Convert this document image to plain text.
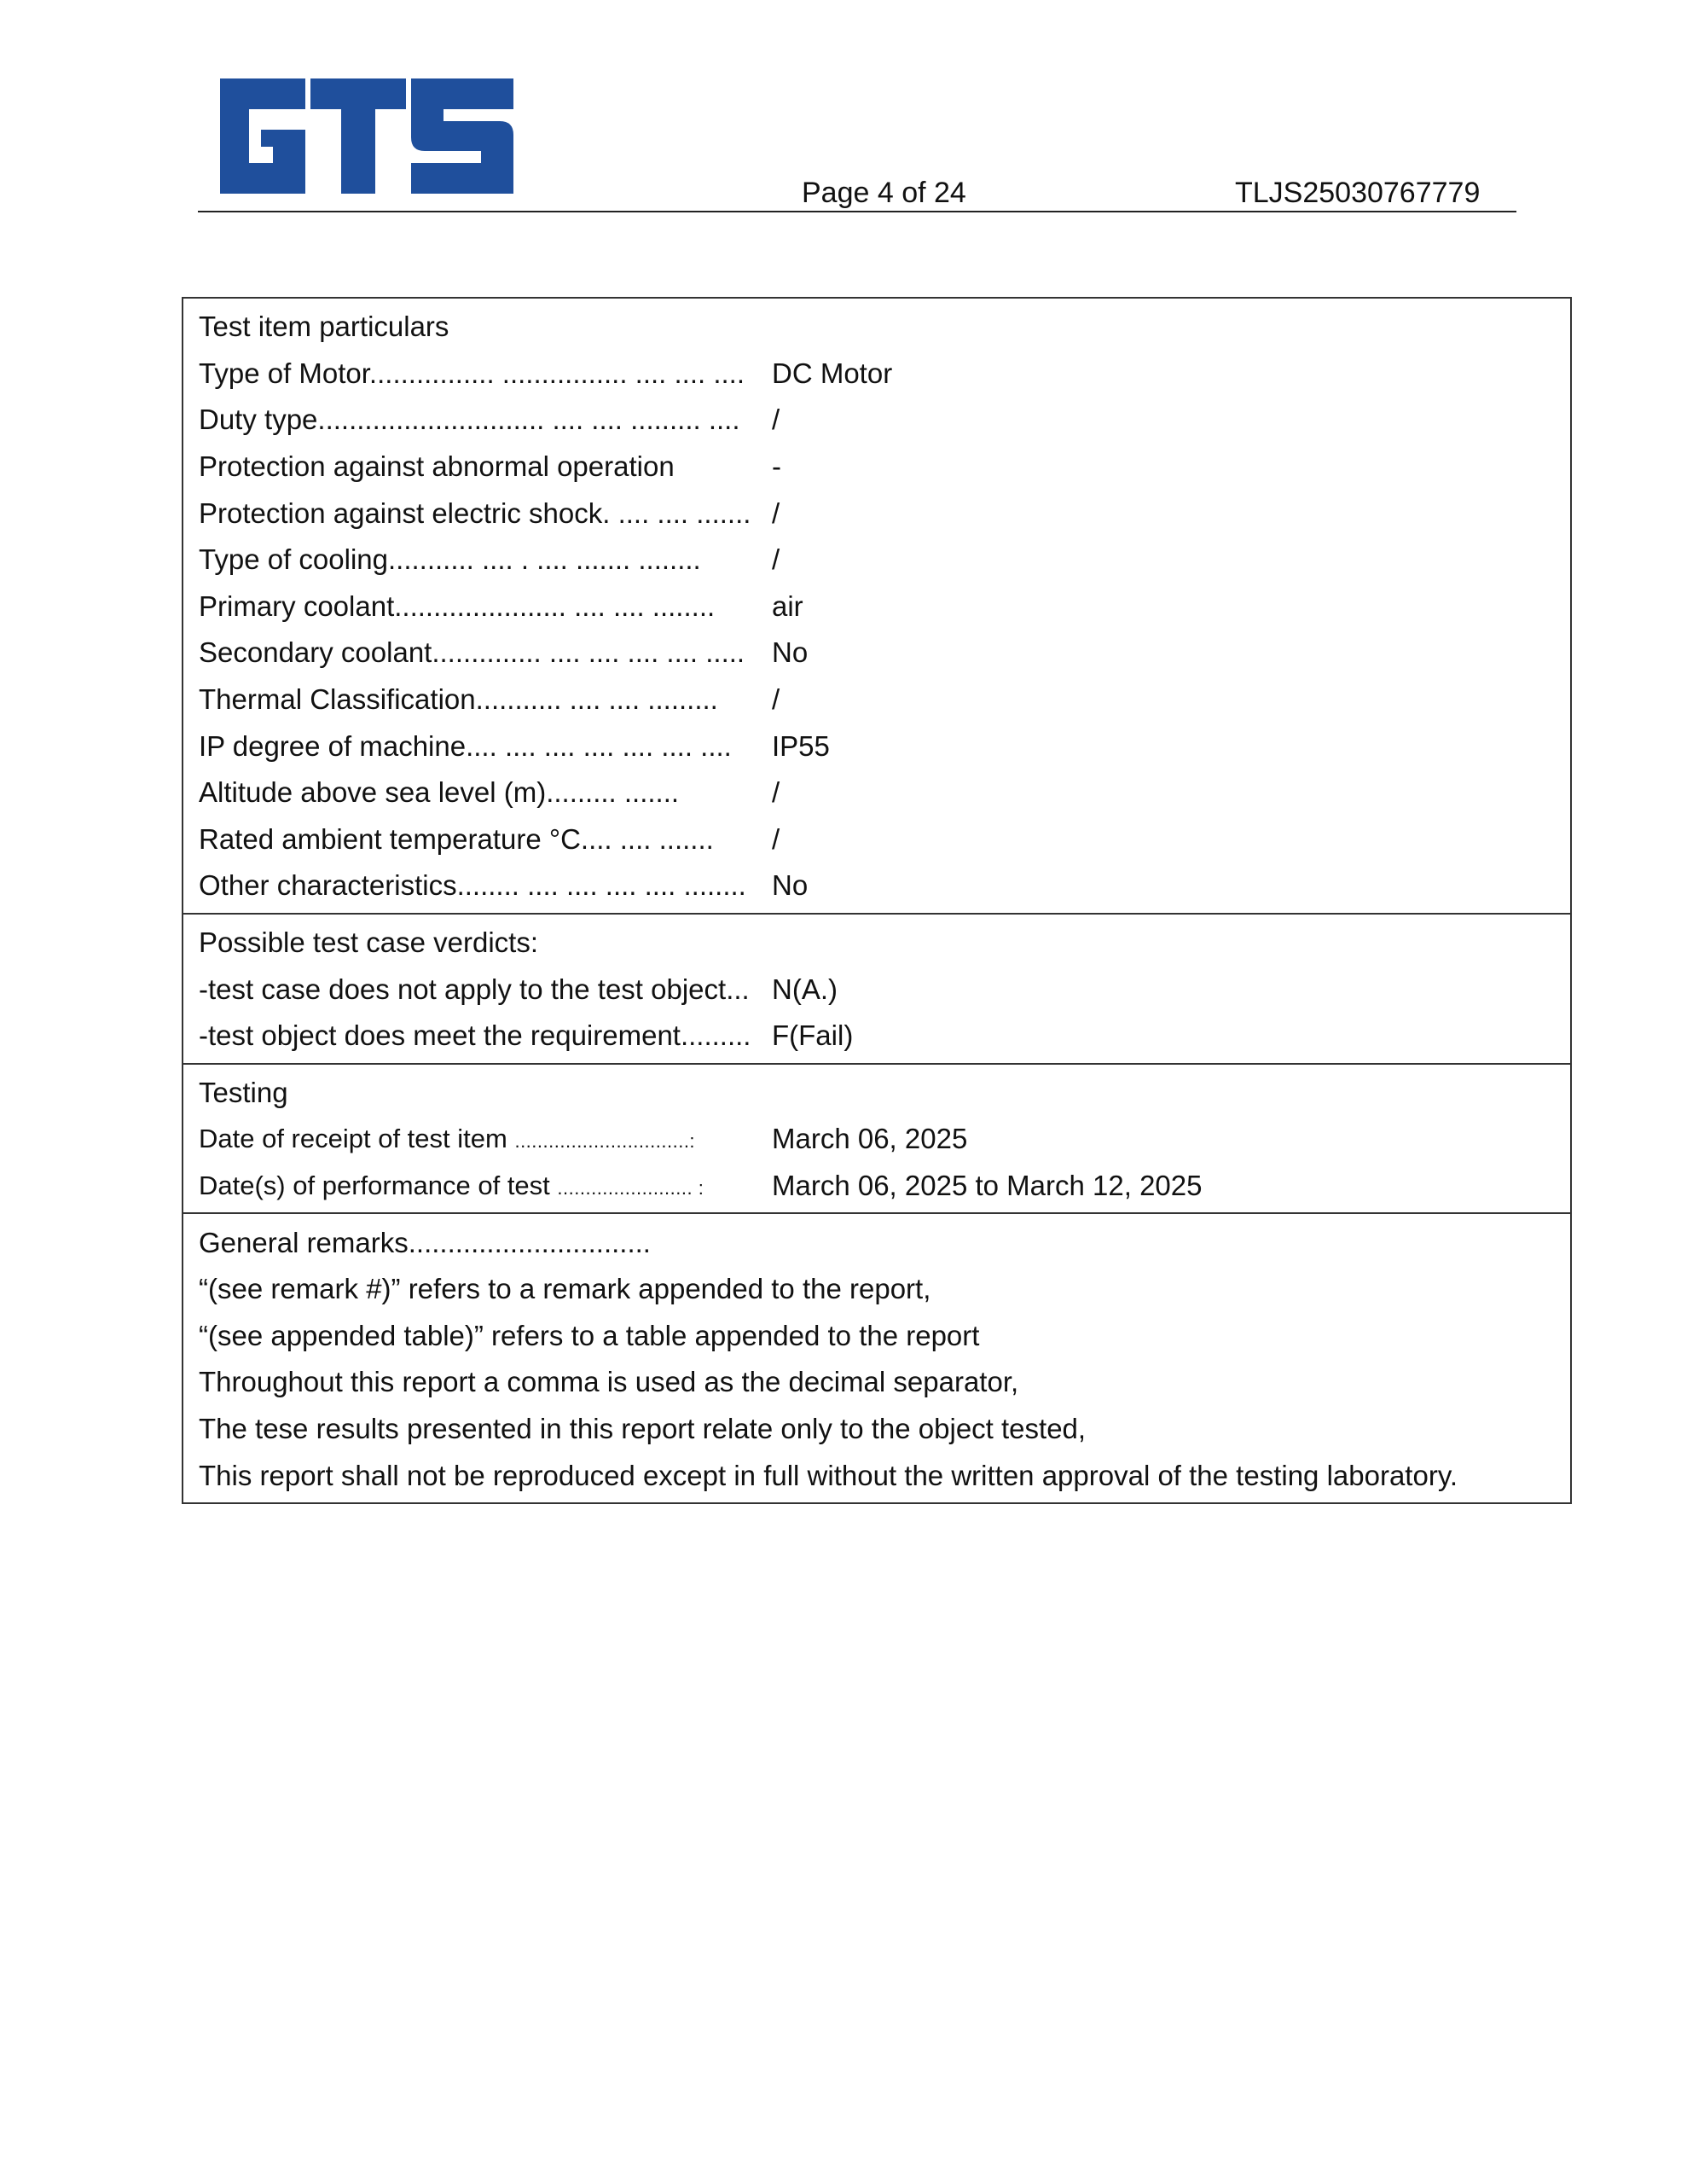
Page 4 of 24	TLJS25030767779
Test item particulars
Type of Motor................ ................ .... .... .... DC Motor
Duty type............................. .... .... ......... ....	/
Protection against abnormal operation	-
Protection against electric shock. .... .... ....... /
Type of cooling........... .... . .... ....... ........	/
Primary coolant...................... .... .... ........	air
Secondary coolant.............. .... .... .... .... ..... No
Thermal Classification........... .... .... .........	/
IP degree of machine.... .... .... .... .... .... ....	IP55
Altitude above sea level (m)......... .......	/
Rated ambient temperature °C.... .... .......	/
Other characteristics........ .... .... .... .... ........ No
Possible test case verdicts:
-test case does not apply to the test object... N(A.)
-test object does meet the requirement......... F(Fail)
Testing
Date of receipt of test item ...............................:	March 06, 2025
Date(s) of performance of test ........................ :	March 06, 2025 to March 12, 2025
General remarks...............................
“(see remark #)” refers to a remark appended to the report,
“(see appended table)” refers to a table appended to the report
Throughout this report a comma is used as the decimal separator,
The tese results presented in this report relate only to the object tested,
This report shall not be reproduced except in full without the written approval of the testing laboratory.
